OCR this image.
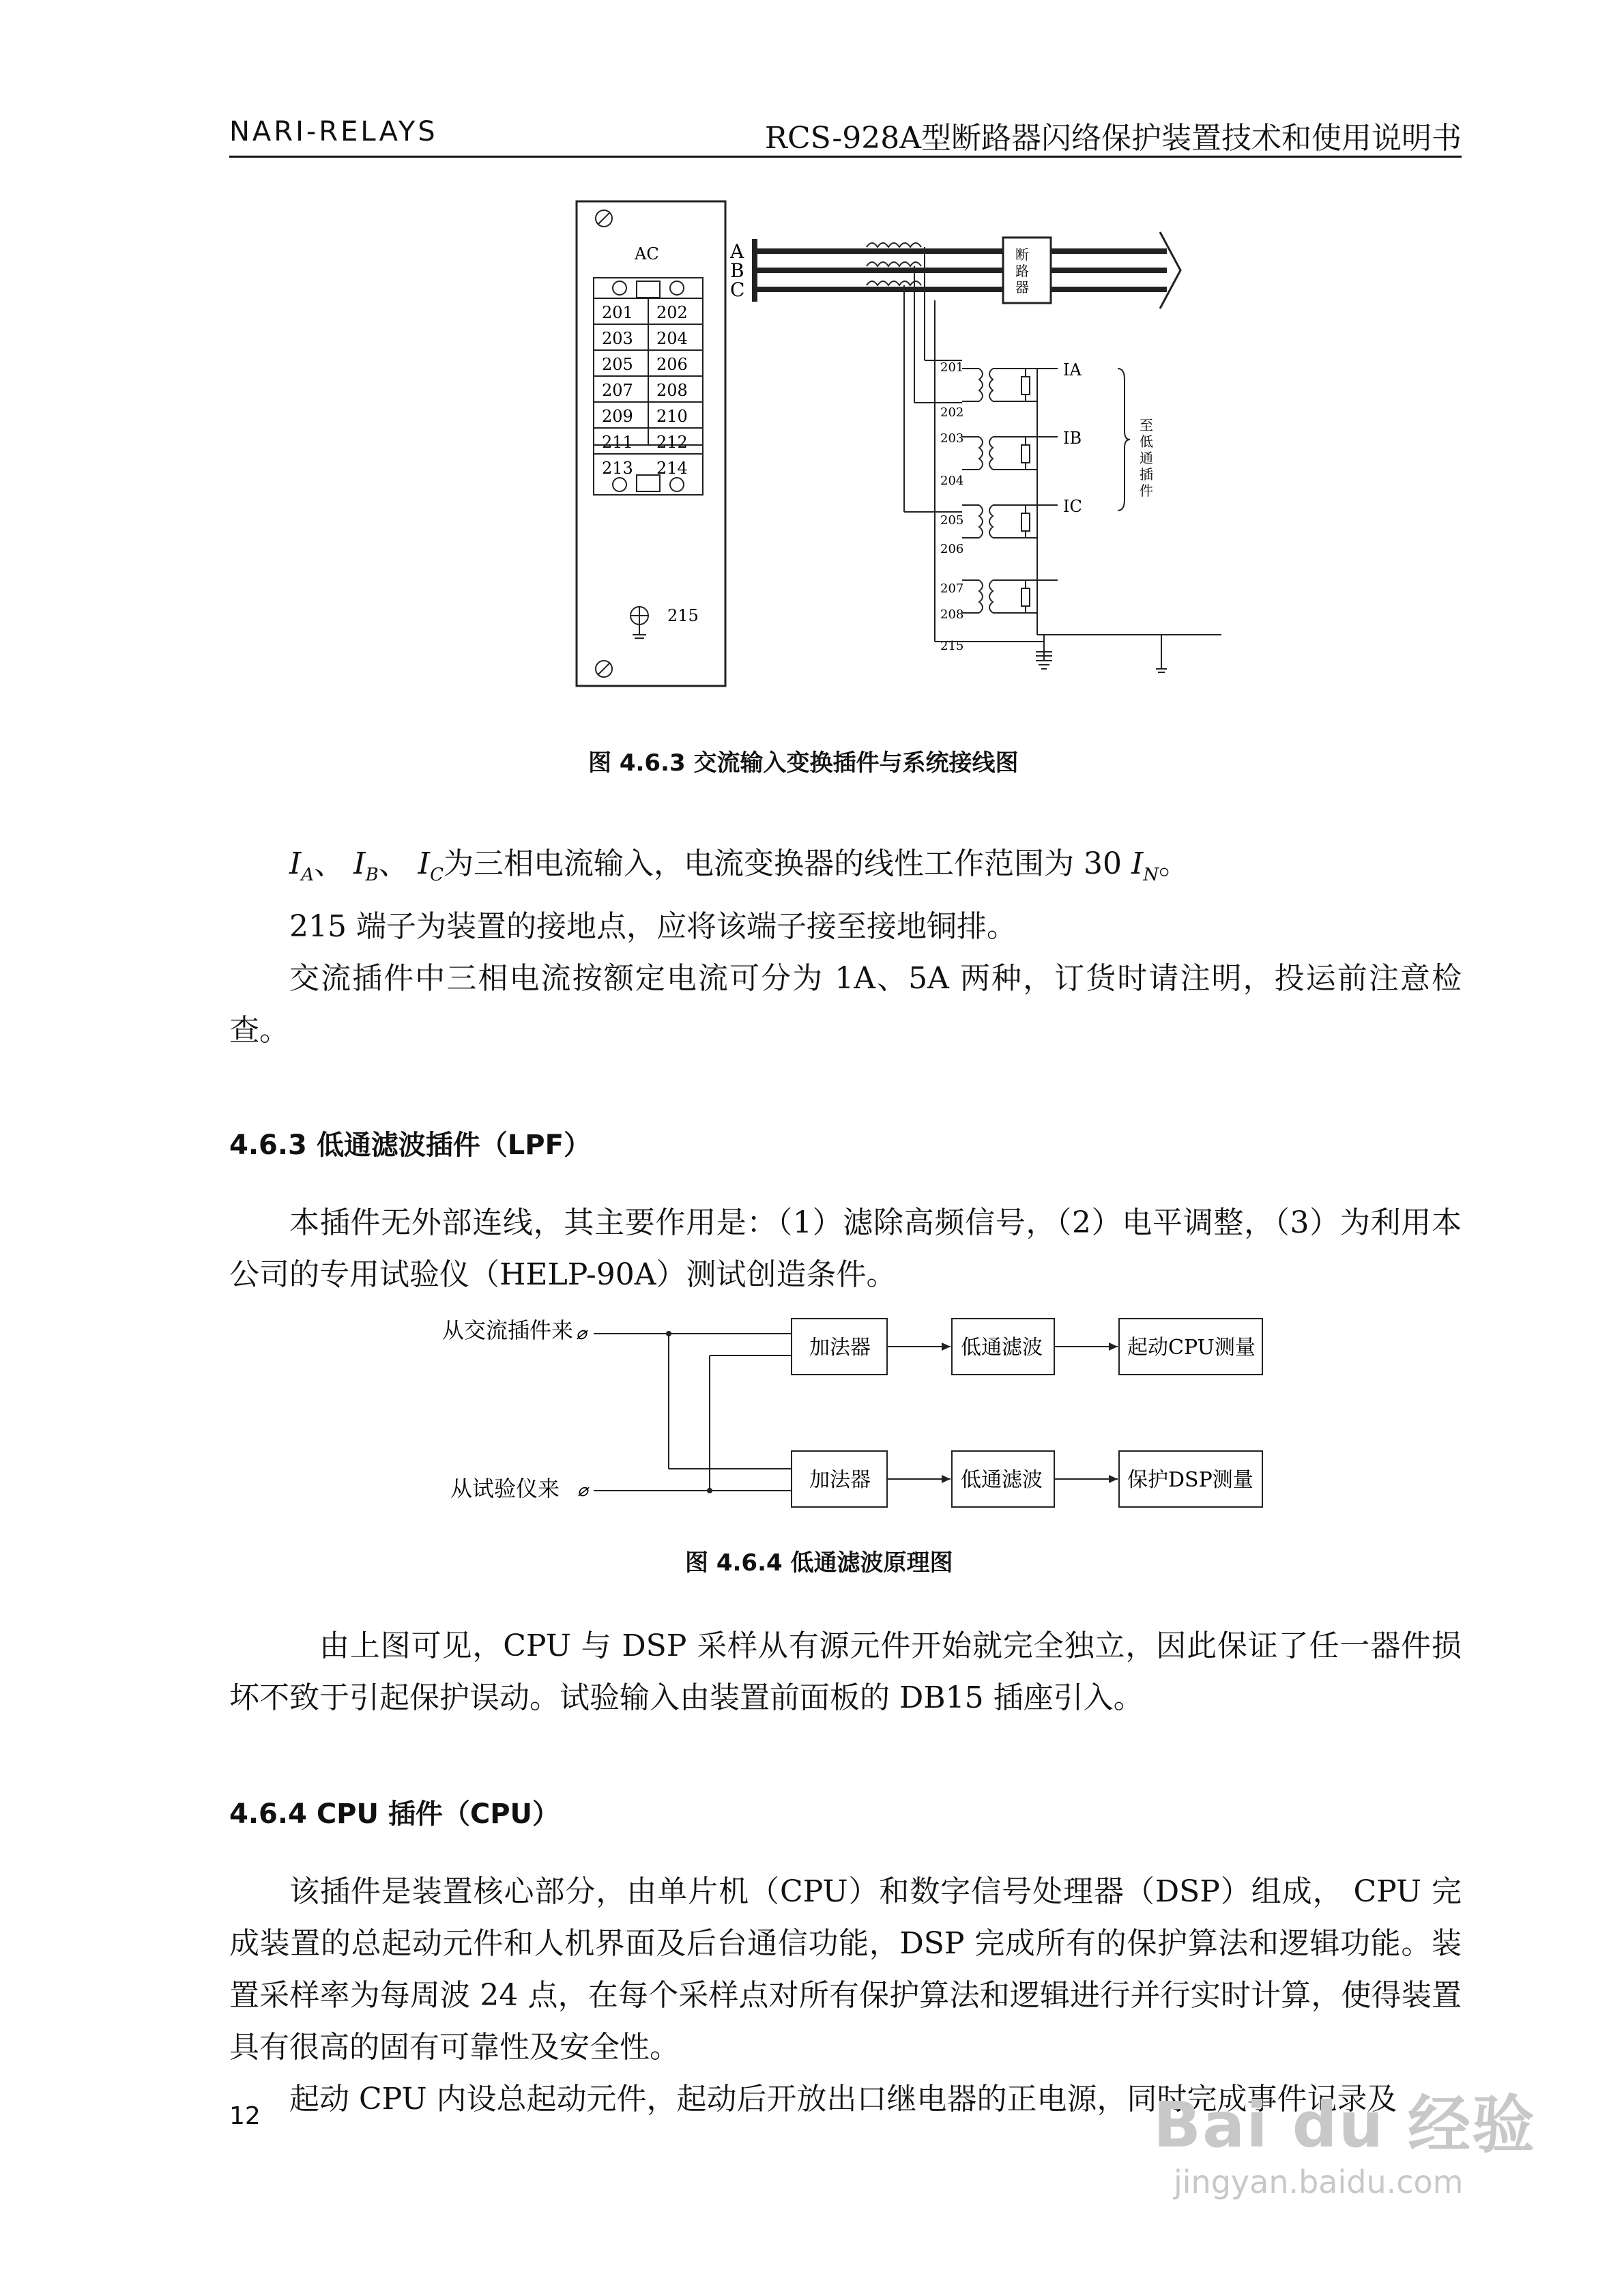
NARI-RELAYS	RCS-928A型断路器闪络保护装置技术和使用说明书
AC
201 202
203 204
205 206
207 208
209 210
211 212
213 214
215
A
B
C
断
路
器
201
202
203
204
205
206
207
208
215
IA
IB
IC
至
低
通
插
件
图 4.6.3 交流输入变换插件与系统接线图

$I_A$、 $I_B$、 $I_C$为三相电流输入，电流变换器的线性工作范围为 30 $I_N$。

215 端子为装置的接地点，应将该端子接至接地铜排。

交流插件中三相电流按额定电流可分为 1A、5A 两种，订货时请注明，投运前注意检查。

4.6.3 低通滤波插件（LPF）

本插件无外部连线，其主要作用是：（1）滤除高频信号，（2）电平调整，（3）为利用本公司的专用试验仪（HELP-90A）测试创造条件。

从交流插件来
从试验仪来
⌀
⌀
加法器	低通滤波	起动CPU测量
加法器	低通滤波	保护DSP测量
图 4.6.4 低通滤波原理图

由上图可见，CPU 与 DSP 采样从有源元件开始就完全独立，因此保证了任一器件损坏不致于引起保护误动。试验输入由装置前面板的 DB15 插座引入。

4.6.4 CPU 插件（CPU）

该插件是装置核心部分，由单片机（CPU）和数字信号处理器（DSP）组成， CPU 完成装置的总起动元件和人机界面及后台通信功能，DSP 完成所有的保护算法和逻辑功能。装置采样率为每周波 24 点，在每个采样点对所有保护算法和逻辑进行并行实时计算，使得装置具有很高的固有可靠性及安全性。

起动 CPU 内设总起动元件，起动后开放出口继电器的正电源，同时完成事件记录及

12	Bai du 经验
jingyan.baidu.com
